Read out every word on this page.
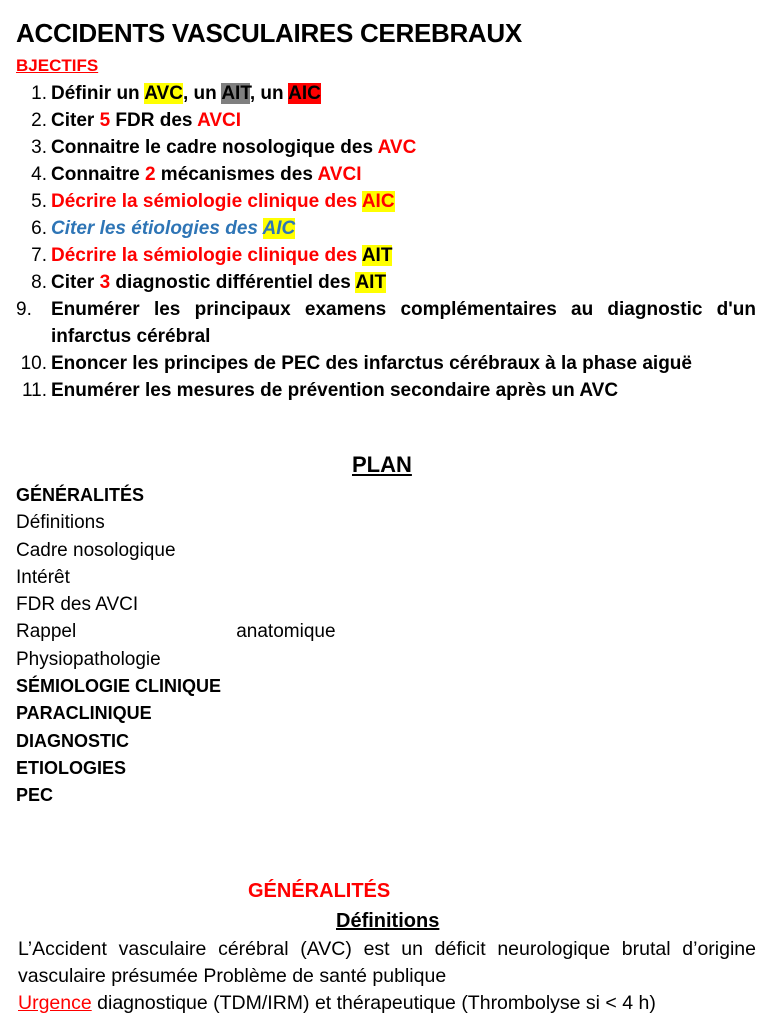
ACCIDENTS VASCULAIRES CEREBRAUX
BJECTIFS
1. Définir un AVC, un AIT, un AIC
2. Citer 5 FDR des AVCI
3. Connaitre le cadre nosologique des AVC
4. Connaitre 2 mécanismes des AVCI
5. Décrire la sémiologie clinique des AIC
6. Citer les étiologies des AIC
7. Décrire la sémiologie clinique des AIT
8. Citer 3 diagnostic différentiel des AIT
9.	Enumérer les principaux examens complémentaires au diagnostic d'un infarctus cérébral
10. Enoncer les principes de PEC des infarctus cérébraux à la phase aiguë
11. Enumérer les mesures de prévention secondaire après un AVC
PLAN
GÉNÉRALITÉS
Définitions
Cadre nosologique
Intérêt
FDR des AVCI
Rappel	anatomique
Physiopathologie
SÉMIOLOGIE CLINIQUE
PARACLINIQUE
DIAGNOSTIC
ETIOLOGIES
PEC
GÉNÉRALITÉS
Définitions
L’Accident vasculaire cérébral (AVC) est un déficit neurologique brutal d’origine
vasculaire présumée Problème de santé publique
Urgence diagnostique (TDM/IRM) et thérapeutique (Thrombolyse si < 4 h)
